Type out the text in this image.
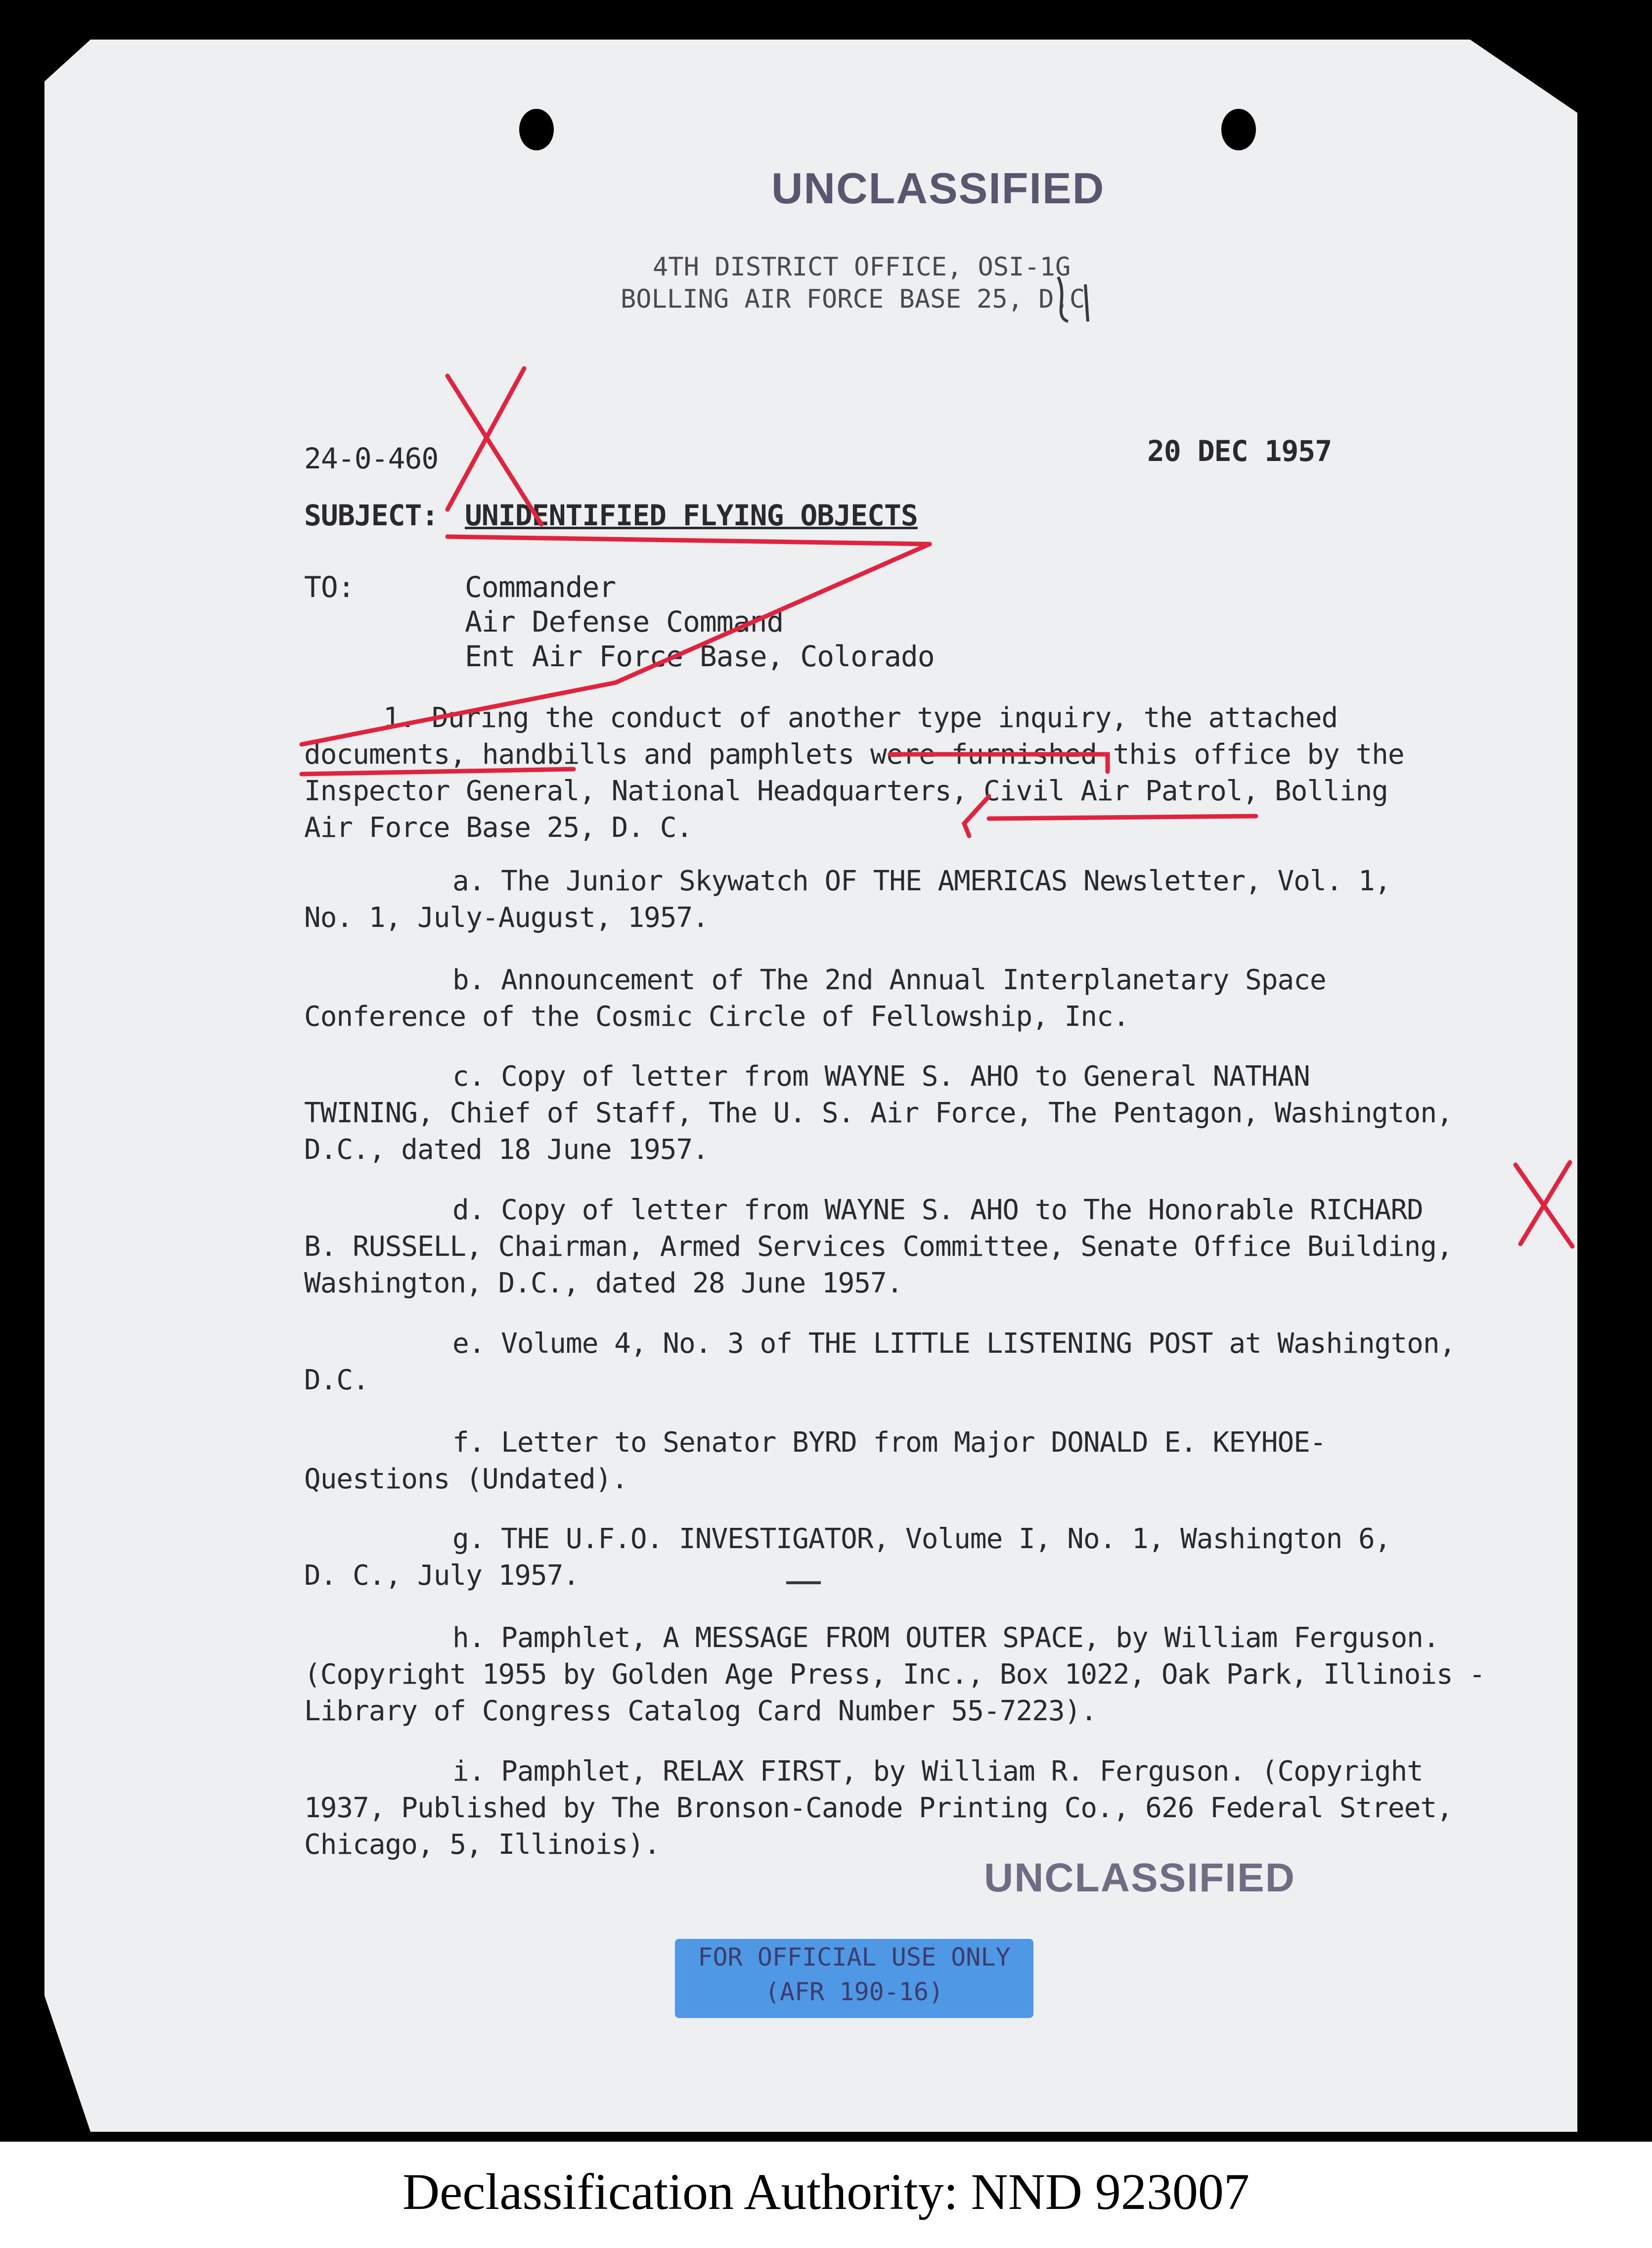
UNCLASSIFIED
4TH DISTRICT OFFICE, OSI-1G
BOLLING AIR FORCE BASE 25, D.C
24-0-460	20 DEC 1957
SUBJECT: UNIDENTIFIED FLYING OBJECTS
TO:	Commander
Air Defense Command
Ent Air Force Base, Colorado
1. During the conduct of another type inquiry, the attached
documents, handbills and pamphlets were furnished this office by the
Inspector General, National Headquarters, Civil Air Patrol, Bolling
Air Force Base 25, D. C.
a. The Junior Skywatch OF THE AMERICAS Newsletter, Vol. 1,
No. 1, July-August, 1957.
b. Announcement of The 2nd Annual Interplanetary Space
Conference of the Cosmic Circle of Fellowship, Inc.
c. Copy of letter from WAYNE S. AHO to General NATHAN
TWINING, Chief of Staff, The U. S. Air Force, The Pentagon, Washington,
D.C., dated 18 June 1957.
d. Copy of letter from WAYNE S. AHO to The Honorable RICHARD
B. RUSSELL, Chairman, Armed Services Committee, Senate Office Building,
Washington, D.C., dated 28 June 1957.
e. Volume 4, No. 3 of THE LITTLE LISTENING POST at Washington,
D.C.
f. Letter to Senator BYRD from Major DONALD E. KEYHOE-
Questions (Undated).
g. THE U.F.O. INVESTIGATOR, Volume I, No. 1, Washington 6,
D. C., July 1957.
h. Pamphlet, A MESSAGE FROM OUTER SPACE, by William Ferguson.
(Copyright 1955 by Golden Age Press, Inc., Box 1022, Oak Park, Illinois -
Library of Congress Catalog Card Number 55-7223).
i. Pamphlet, RELAX FIRST, by William R. Ferguson. (Copyright
1937, Published by The Bronson-Canode Printing Co., 626 Federal Street,
Chicago, 5, Illinois).
UNCLASSIFIED
FOR OFFICIAL USE ONLY
(AFR 190-16)
Declassification Authority: NND 923007
